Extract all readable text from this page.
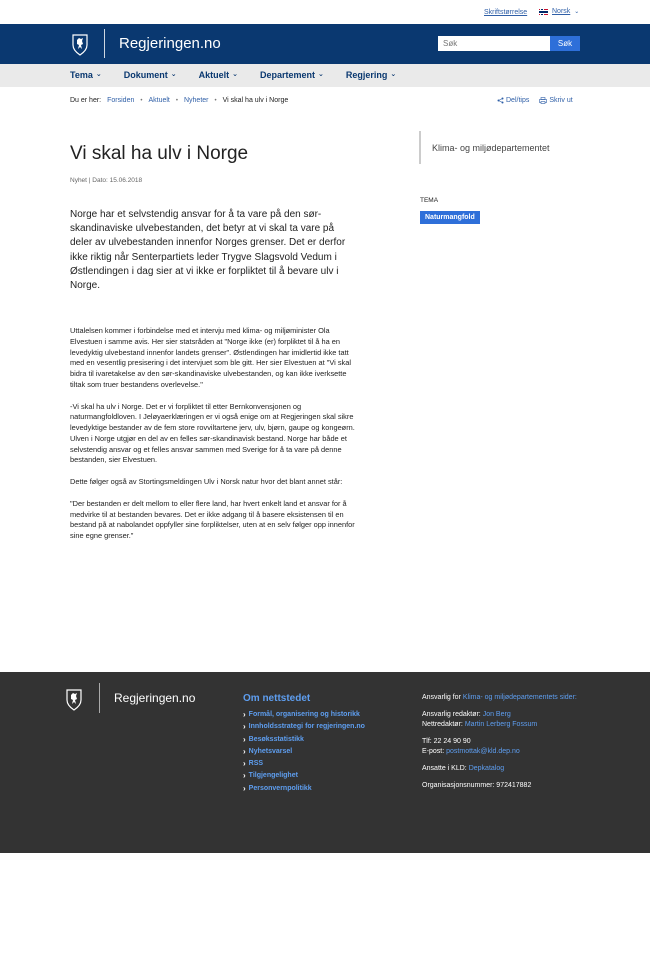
Skriftstørrelse	Norsk ⌄
Regjeringen.no
Søk	Søk
Tema ⌄ Dokument ⌄ Aktuelt ⌄ Departement ⌄ Regjering ⌄
Du er her: Forsiden • Aktuelt • Nyheter • Vi skal ha ulv i Norge	Del/tips	Skriv ut
Vi skal ha ulv i Norge
Nyhet | Dato: 15.06.2018

Norge har et selvstendig ansvar for å ta vare på den sør-skandinaviske ulvebestanden, det betyr at vi skal ta vare på deler av ulvebestanden innenfor Norges grenser. Det er derfor ikke riktig når Senterpartiets leder Trygve Slagsvold Vedum i Østlendingen i dag sier at vi ikke er forpliktet til å bevare ulv i Norge.

Uttalelsen kommer i forbindelse med et intervju med klima- og miljøminister Ola Elvestuen i samme avis. Her sier statsråden at "Norge ikke (er) forpliktet til å ha en levedyktig ulvebestand innenfor landets grenser". Østlendingen har imidlertid ikke tatt med en vesentlig presisering i det intervjuet som ble gitt. Her sier Elvestuen at "Vi skal bidra til ivaretakelse av den sør-skandinaviske ulvebestanden, og kan ikke iverksette tiltak som truer bestandens overlevelse."

-Vi skal ha ulv i Norge. Det er vi forpliktet til etter Bernkonvensjonen og naturmangfoldloven. I Jeløyaerklæringen er vi også enige om at Regjeringen skal sikre levedyktige bestander av de fem store rovviltartene jerv, ulv, bjørn, gaupe og kongeørn. Ulven i Norge utgjør en del av en felles sør-skandinavisk bestand. Norge har både et selvstendig ansvar og et felles ansvar sammen med Sverige for å ta vare på denne bestanden, sier Elvestuen.

Dette følger også av Stortingsmeldingen Ulv i Norsk natur hvor det blant annet står:

"Der bestanden er delt mellom to eller flere land, har hvert enkelt land et ansvar for å medvirke til at bestanden bevares. Det er ikke adgang til å basere eksistensen til en bestand på at nabolandet oppfyller sine forpliktelser, uten at en selv følger opp innenfor sine egne grenser."

Klima- og miljødepartementet
TEMA
Naturmangfold
Regjeringen.no	Om nettstedet
› Formål, organisering og historikk
› Innholdsstrategi for regjeringen.no
› Besøksstatistikk
› Nyhetsvarsel
› RSS
› Tilgjengelighet
› Personvernpolitikk
Ansvarlig for Klima- og miljødepartementets sider:
Ansvarlig redaktør: Jon Berg
Nettredaktør: Martin Lerberg Fossum
Tlf: 22 24 90 90
E-post: postmottak@kld.dep.no
Ansatte i KLD: Depkatalog
Organisasjonsnummer: 972417882
